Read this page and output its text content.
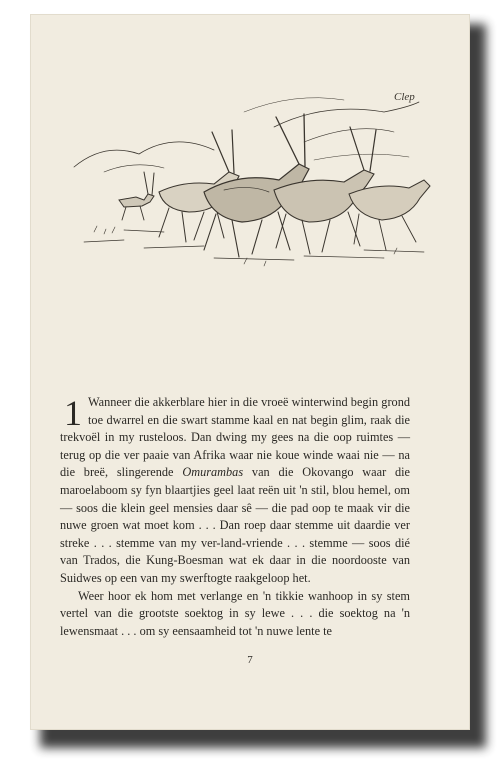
Clep

1 Wanneer die akkerblare hier in die vroeë winterwind begin grond toe dwarrel en die swart stamme kaal en nat begin glim, raak die trekvoël in my rusteloos. Dan dwing my gees na die oop ruimtes — terug op die ver paaie van Afrika waar nie koue winde waai nie — na die breë, slingerende Omurambas van die Okovango waar die maroelaboom sy fyn blaartjies geel laat reën uit 'n stil, blou hemel, om — soos die klein geel mensies daar sê — die pad oop te maak vir die nuwe groen wat moet kom . . . Dan roep daar stemme uit daardie ver streke . . . stemme van my ver-land-vriende . . . stemme — soos dié van Trados, die Kung-Boesman wat ek daar in die noordooste van Suidwes op een van my swerftogte raakgeloop het.

Weer hoor ek hom met verlange en 'n tikkie wanhoop in sy stem vertel van die grootste soektog in sy lewe . . . die soektog na 'n lewensmaat . . . om sy eensaamheid tot 'n nuwe lente te

7
